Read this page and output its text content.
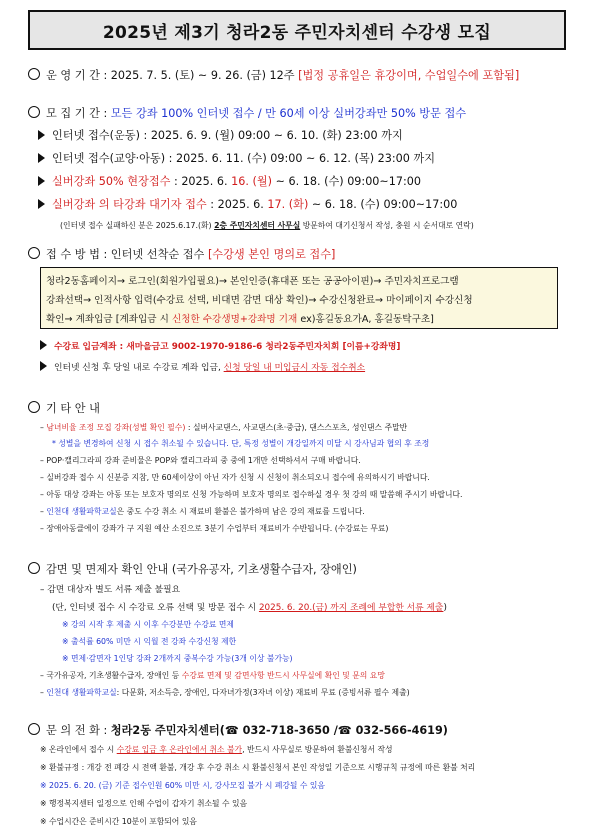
2025년 제3기 청라2동 주민자치센터 수강생 모집
운 영 기 간 : 2025. 7. 5. (토) ~ 9. 26. (금) 12주 [법정 공휴일은 휴강이며, 수업일수에 포함됨]
모 집 기 간 : 모든 강좌 100% 인터넷 접수 / 만 60세 이상 실버강좌만 50% 방문 접수
인터넷 접수(운동) : 2025. 6. 9. (월) 09:00 ~ 6. 10. (화) 23:00 까지
인터넷 접수(교양·아동) : 2025. 6. 11. (수) 09:00 ~ 6. 12. (목) 23:00 까지
실버강좌 50% 현장접수 : 2025. 6. 16. (월) ~ 6. 18. (수) 09:00~17:00
실버강좌 의 타강좌 대기자 접수 : 2025. 6. 17. (화) ~ 6. 18. (수) 09:00~17:00
(인터넷 접수 실패하신 분은 2025.6.17.(화) 2층 주민자치센터 사무실 방문하여 대기신청서 작성, 충원 시 순서대로 연락)
접 수 방 법 : 인터넷 선착순 접수 [수강생 본인 명의로 접수]
청라2동홈페이지→ 로그인(회원가입필요)→ 본인인증(휴대폰 또는 공공아이핀)→ 주민자치프로그램
강좌선택→ 인적사항 입력(수강료 선택, 비대면 감면 대상 확인)→ 수강신청완료→ 마이페이지 수강신청
확인→ 계좌입금 [계좌입금 시 신청한 수강생명+강좌명 기재 ex)홍길동요가A, 홍길동탁구초]
수강료 입금계좌 : 새마을금고 9002-1970-9186-6 청라2동주민자치회 [이름+강좌명]
인터넷 신청 후 당일 내로 수강료 계좌 입금, 신청 당일 내 미입금시 자동 접수취소
기 타 안 내
– 남녀비율 조정 모집 강좌(성별 확인 필수) : 실버사교댄스, 사교댄스(초·중급), 댄스스포츠, 성인댄스 주말반
* 성별을 변경하여 신청 시 접수 취소될 수 있습니다. 단, 특정 성별이 개강일까지 미달 시 강사님과 협의 후 조정
– POP·캘리그라피 강좌 준비물은 POP와 캘리그라피 중 중에 1개만 선택하셔서 구매 바랍니다.
– 실버강좌 접수 시 신분증 지참, 만 60세이상이 아닌 자가 신청 시 신청이 취소되오니 접수에 유의하시기 바랍니다.
– 아동 대상 강좌는 아동 또는 보호자 명의로 신청 가능하며 보호자 명의로 접수하실 경우 첫 강의 때 말씀해 주시기 바랍니다.
– 인천대 생활파학교실은 중도 수강 취소 시 재료비 환불은 불가하며 남은 강의 재료를 드립니다.
– 장애아동클에이 강좌가 구 지원 예산 소진으로 3분기 수업부터 재료비가 수반됩니다. (수강료는 무료)
감면 및 면제자 확인 안내 (국가유공자, 기초생활수급자, 장애인)
– 감면 대상자 별도 서류 제출 불필요
(단, 인터넷 접수 시 수강료 오류 선택 및 방문 접수 시 2025. 6. 20.(금) 까지 조례에 부합한 서류 제출)
※ 강의 시작 후 제출 시 이후 수강분만 수강료 면제
※ 출석률 60% 미만 시 익월 전 강좌 수강신청 제한
※ 면제·감면자 1인당 강좌 2개까지 중복수강 가능(3개 이상 불가능)
– 국가유공자, 기초생활수급자, 장애인 등 수강료 면제 및 감면사항 반드시 사무실에 확인 및 문의 요망
– 인천대 생활파학교실: 다문화, 저소득층, 장애인, 다자녀가정(3자녀 이상) 재료비 무료 (증빙서류 필수 제출)
문 의 전 화 : 청라2동 주민자치센터(☎ 032-718-3650 /☎ 032-566-4619)
※ 온라인에서 접수 시 수강료 입금 후 온라인에서 취소 불가, 반드시 사무실로 방문하여 환불신청서 작성
※ 환불규정 : 개강 전 폐강 시 전액 환불, 개강 후 수강 취소 시 환불신청서 본인 작성일 기준으로 시행규칙 규정에 따른 환불 처리
※ 2025. 6. 20. (금) 기준 접수인원 60% 미만 시, 강사모집 불가 시 폐강될 수 있음
※ 행정복지센터 일정으로 인해 수업이 갑자기 취소될 수 있음
※ 수업시간은 준비시간 10분이 포함되어 있음
